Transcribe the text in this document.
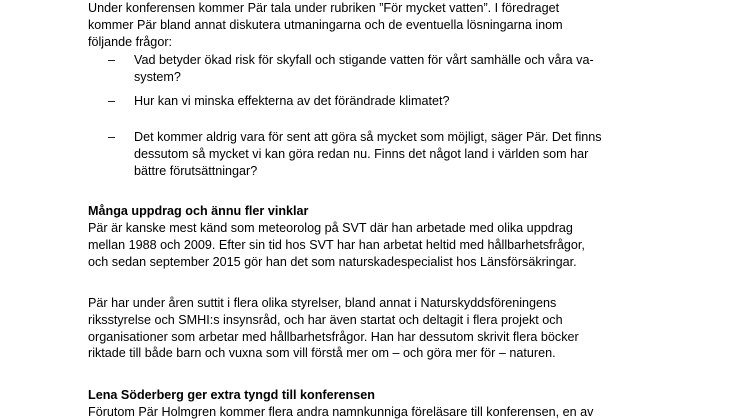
Under konferensen kommer Pär tala under rubriken ”För mycket vatten”. I föredraget
kommer Pär bland annat diskutera utmaningarna och de eventuella lösningarna inom
följande frågor:
– Vad betyder ökad risk för skyfall och stigande vatten för vårt samhälle och våra va-
system?
– Hur kan vi minska effekterna av det förändrade klimatet?
– Det kommer aldrig vara för sent att göra så mycket som möjligt, säger Pär. Det finns
dessutom så mycket vi kan göra redan nu. Finns det något land i världen som har
bättre förutsättningar?
Många uppdrag och ännu fler vinklar
Pär är kanske mest känd som meteorolog på SVT där han arbetade med olika uppdrag
mellan 1988 och 2009. Efter sin tid hos SVT har han arbetat heltid med hållbarhetsfrågor,
och sedan september 2015 gör han det som naturskadespecialist hos Länsförsäkringar.
Pär har under åren suttit i flera olika styrelser, bland annat i Naturskyddsföreningens
riksstyrelse och SMHI:s insynsråd, och har även startat och deltagit i flera projekt och
organisationer som arbetar med hållbarhetsfrågor. Han har dessutom skrivit flera böcker
riktade till både barn och vuxna som vill förstå mer om – och göra mer för – naturen.
Lena Söderberg ger extra tyngd till konferensen
Förutom Pär Holmgren kommer flera andra namnkunniga föreläsare till konferensen, en av
